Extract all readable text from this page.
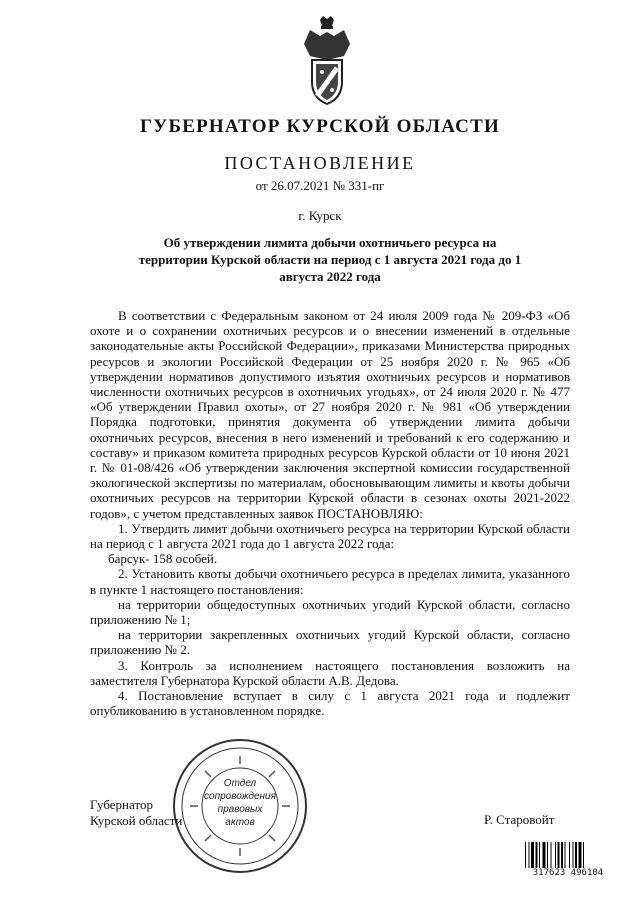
ГУБЕРНАТОР КУРСКОЙ ОБЛАСТИ
ПОСТАНОВЛЕНИЕ
от 26.07.2021 № 331-пг
г. Курск
Об утверждении лимита добычи охотничьего ресурса на территории Курской области на период с 1 августа 2021 года до 1 августа 2022 года

В соответствии с Федеральным законом от 24 июля 2009 года № 209-ФЗ «Об охоте и о сохранении охотничьих ресурсов и о внесении изменений в отдельные законодательные акты Российской Федерации», приказами Министерства природных ресурсов и экологии Российской Федерации от 25 ноября 2020 г. № 965 «Об утверждении нормативов допустимого изъятия охотничьих ресурсов и нормативов численности охотничьих ресурсов в охотничьих угодьях», от 24 июля 2020 г. № 477 «Об утверждении Правил охоты», от 27 ноября 2020 г. № 981 «Об утверждении Порядка подготовки, принятия документа об утверждении лимита добычи охотничьих ресурсов, внесения в него изменений и требований к его содержанию и составу» и приказом комитета природных ресурсов Курской области от 10 июня 2021 г. № 01-08/426 «Об утверждении заключения экспертной комиссии государственной экологической экспертизы по материалам, обосновывающим лимиты и квоты добычи охотничьих ресурсов на территории Курской области в сезонах охоты 2021-2022 годов», с учетом представленных заявок ПОСТАНОВЛЯЮ:

1. Утвердить лимит добычи охотничьего ресурса на территории Курской области на период с 1 августа 2021 года до 1 августа 2022 года:

барсук- 158 особей.

2. Установить квоты добычи охотничьего ресурса в пределах лимита, указанного в пункте 1 настоящего постановления:

на территории общедоступных охотничьих угодий Курской области, согласно приложению № 1;

на территории закрепленных охотничьих угодий Курской области, согласно приложению № 2.

3. Контроль за исполнением настоящего постановления возложить на заместителя Губернатора Курской области А.В. Дедова.

4. Постановление вступает в силу с 1 августа 2021 года и подлежит опубликованию в установленном порядке.

Губернатор
Курской области	Р. Старовойт
Отдел
сопровождения
правовых
актов
317623 496104
